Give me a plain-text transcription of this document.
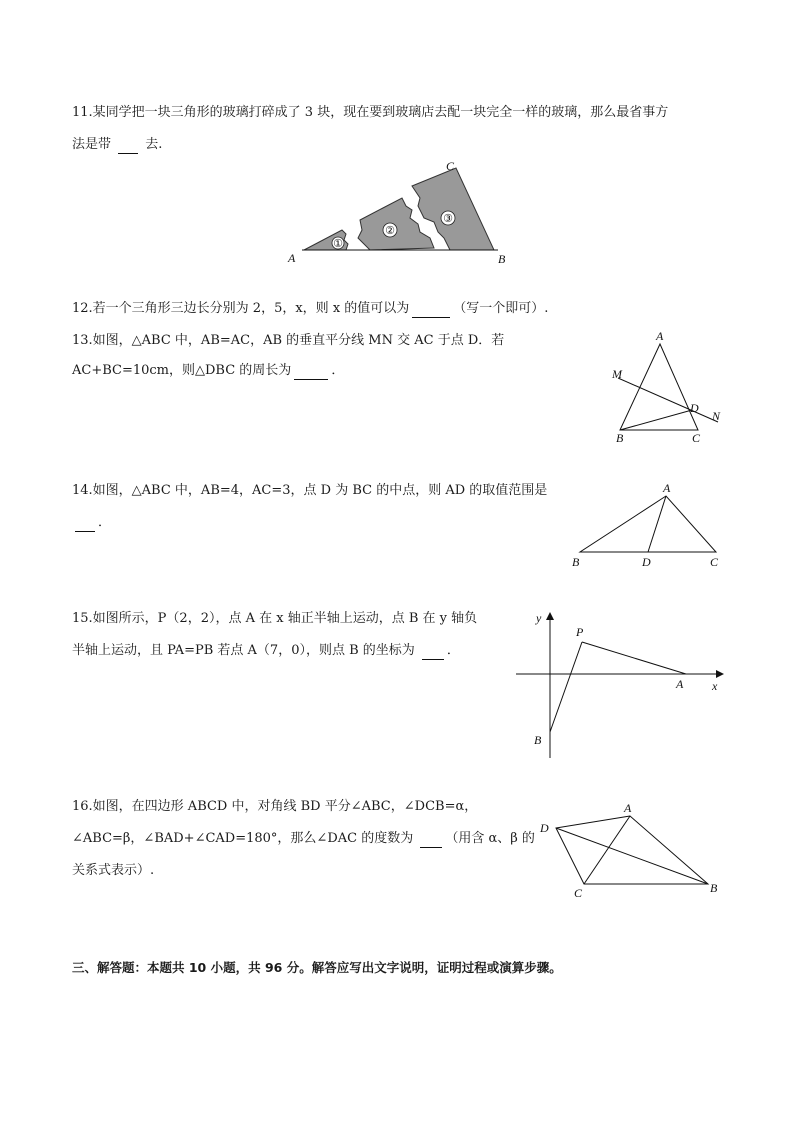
11.某同学把一块三角形的玻璃打碎成了 3 块，现在要到玻璃店去配一块完全一样的玻璃，那么最省事方
法是带  去.
①
②
③
A	B
C
12.若一个三角形三边长分别为 2，5，x，则 x 的值可以为	（写一个即可）.
13.如图，△ABC 中，AB=AC，AB 的垂直平分线 MN 交 AC 于点 D．若
AC+BC=10cm，则△DBC 的周长为	．
A
B	C
D
M
N
14.如图，△ABC 中，AB=4，AC=3，点 D 为 BC 的中点，则 AD 的取值范围是
．
A
B	C
D
15.如图所示，P（2，2），点 A 在 x 轴正半轴上运动，点 B 在 y 轴负
半轴上运动，且 PA=PB 若点 A（7，0），则点 B 的坐标为 ．
y
x
P
A
B
16.如图，在四边形 ABCD 中，对角线 BD 平分∠ABC，∠DCB=α，
∠ABC=β，∠BAD+∠CAD=180°，那么∠DAC 的度数为 （用含 α、β 的
关系式表示）.
A
B
C
D
三、解答题：本题共 10 小题，共 96 分。解答应写出文字说明，证明过程或演算步骤。
